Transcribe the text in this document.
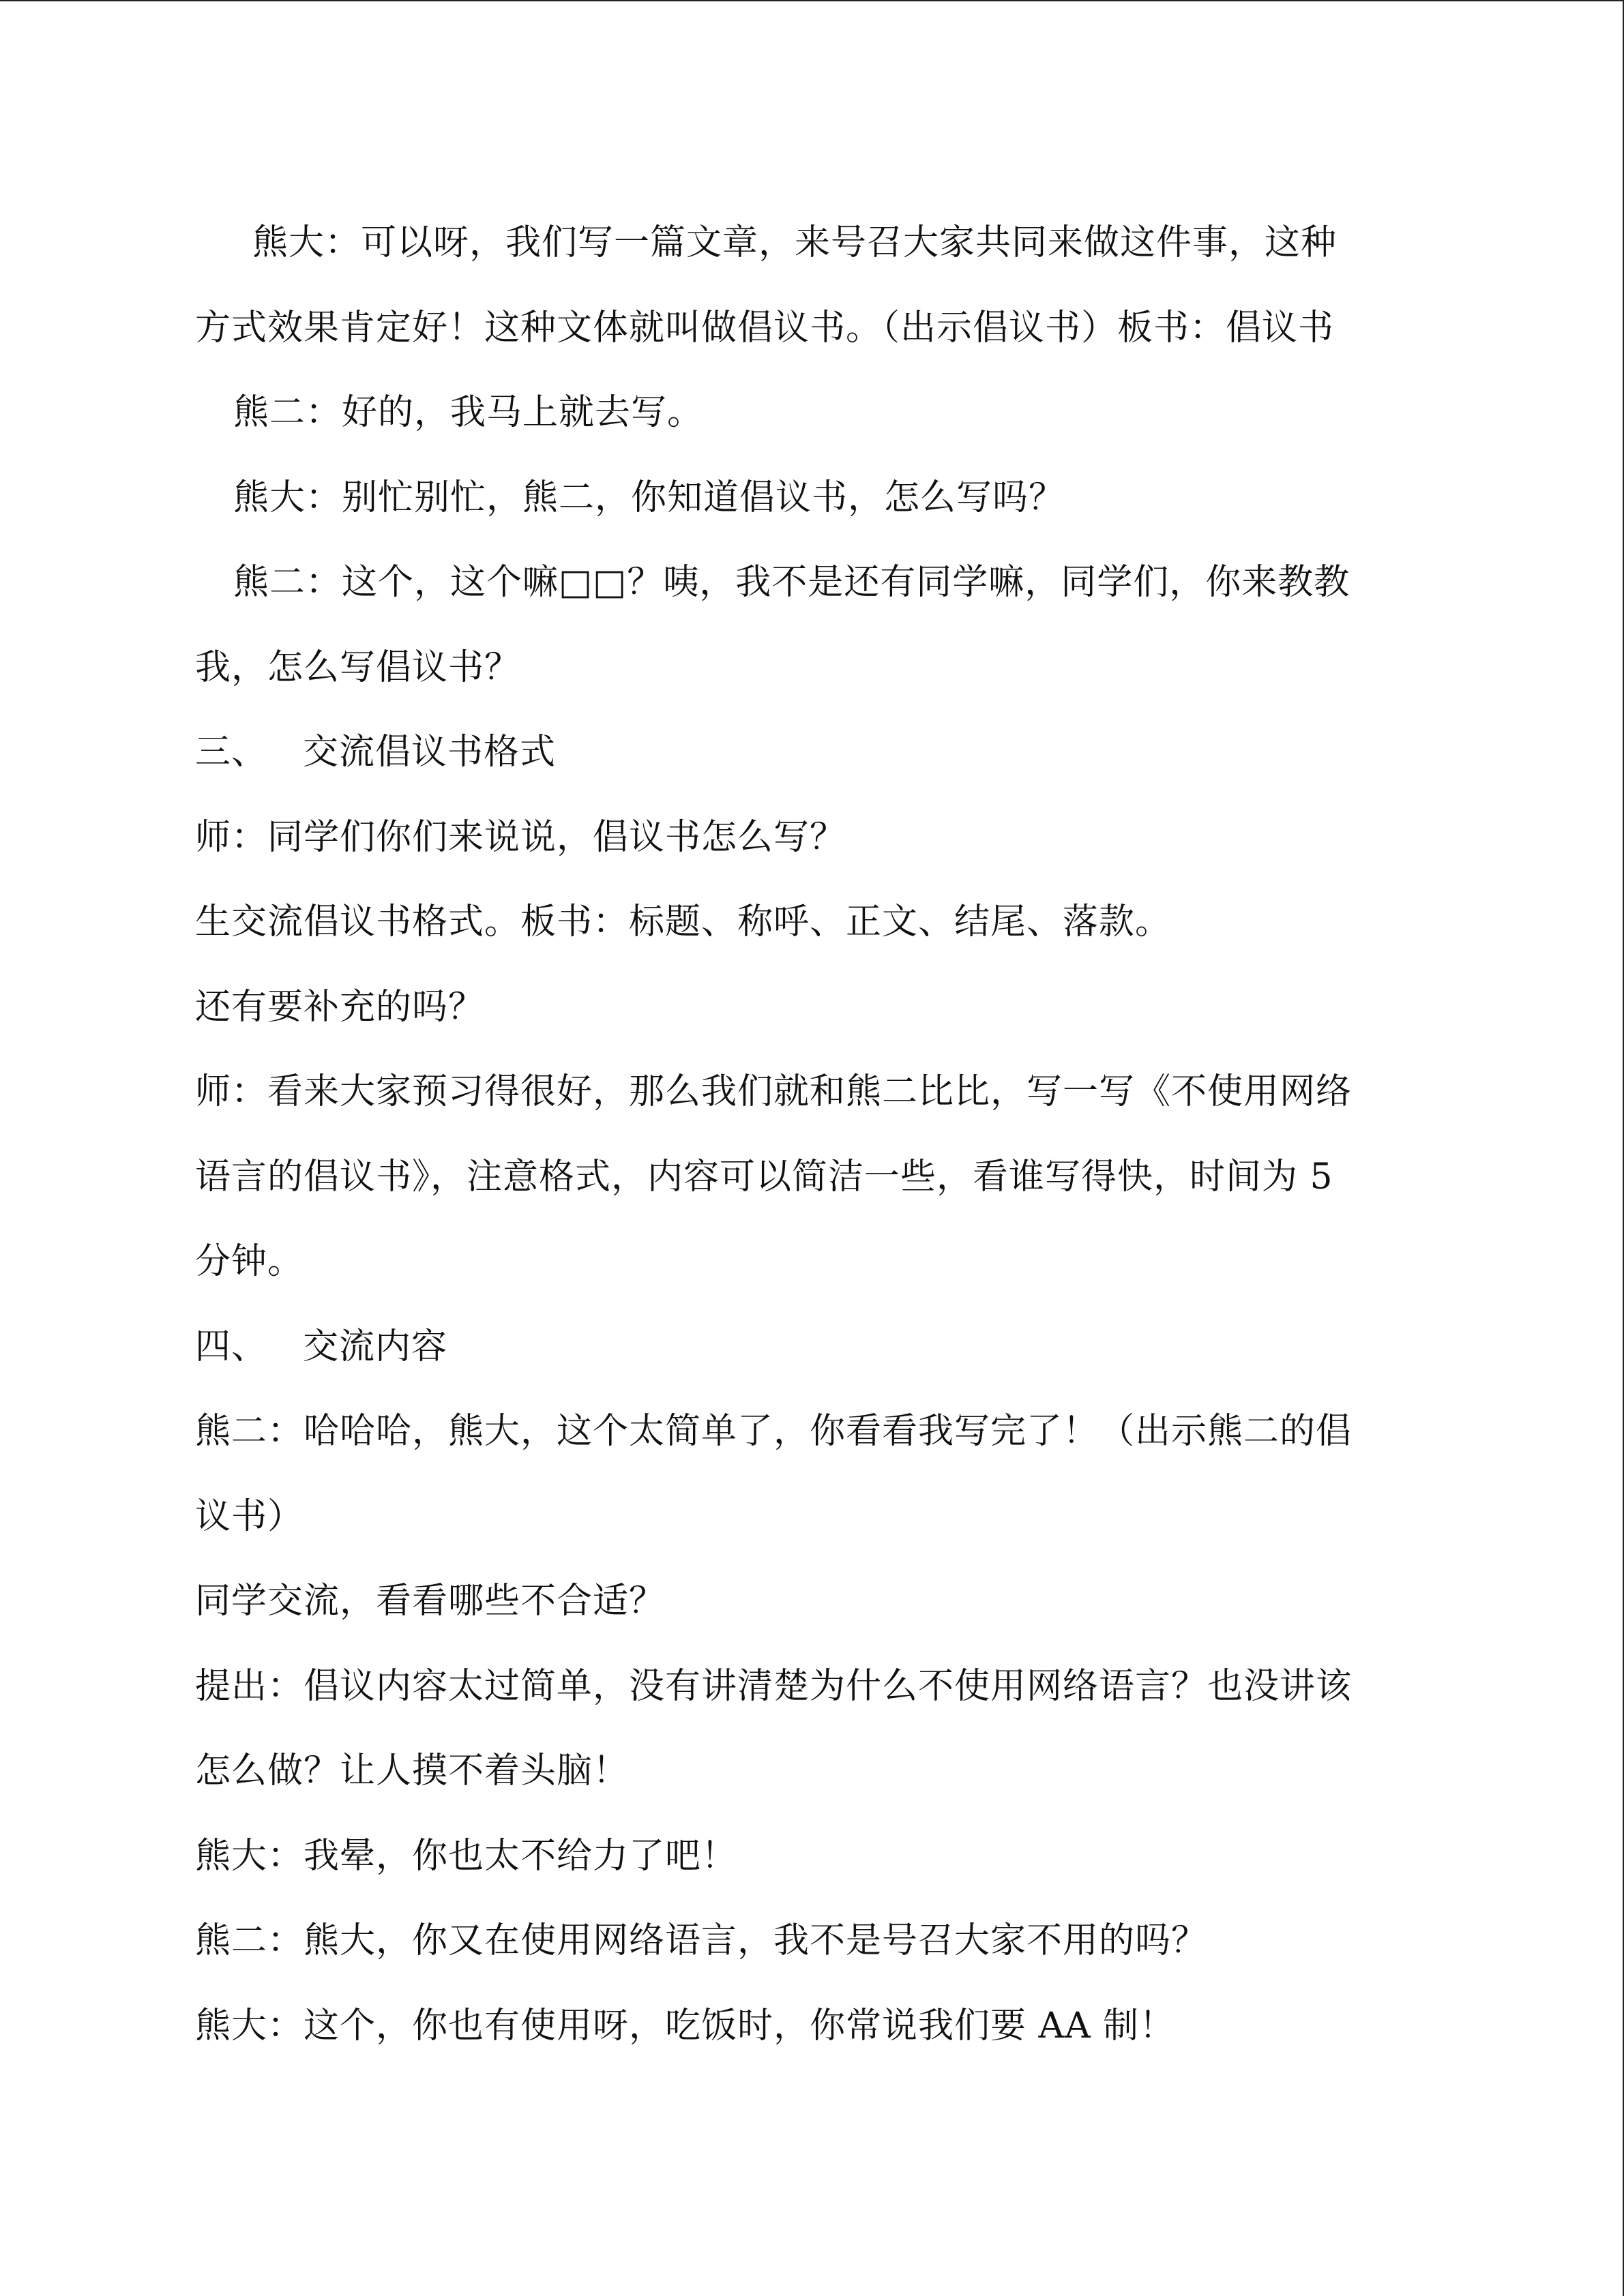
熊大：可以呀，我们写一篇文章，来号召大家共同来做这件事，这种
方式效果肯定好！这种文体就叫做倡议书。（出示倡议书）板书：倡议书
熊二：好的，我马上就去写。
熊大：别忙别忙，熊二，你知道倡议书，怎么写吗？
熊二：这个，这个嘛□□？咦，我不是还有同学嘛，同学们，你来教教
我，怎么写倡议书？
三、 交流倡议书格式
师：同学们你们来说说，倡议书怎么写？
生交流倡议书格式。板书：标题、称呼、正文、结尾、落款。
还有要补充的吗？
师：看来大家预习得很好，那么我们就和熊二比比，写一写《不使用网络
语言的倡议书》，注意格式，内容可以简洁一些，看谁写得快，时间为 5
分钟。
四、 交流内容
熊二：哈哈哈，熊大，这个太简单了，你看看我写完了！（出示熊二的倡
议书）
同学交流，看看哪些不合适？
提出：倡议内容太过简单，没有讲清楚为什么不使用网络语言？也没讲该
怎么做？让人摸不着头脑！
熊大：我晕，你也太不给力了吧！
熊二：熊大，你又在使用网络语言，我不是号召大家不用的吗？
熊大：这个，你也有使用呀，吃饭时，你常说我们要 AA 制！
